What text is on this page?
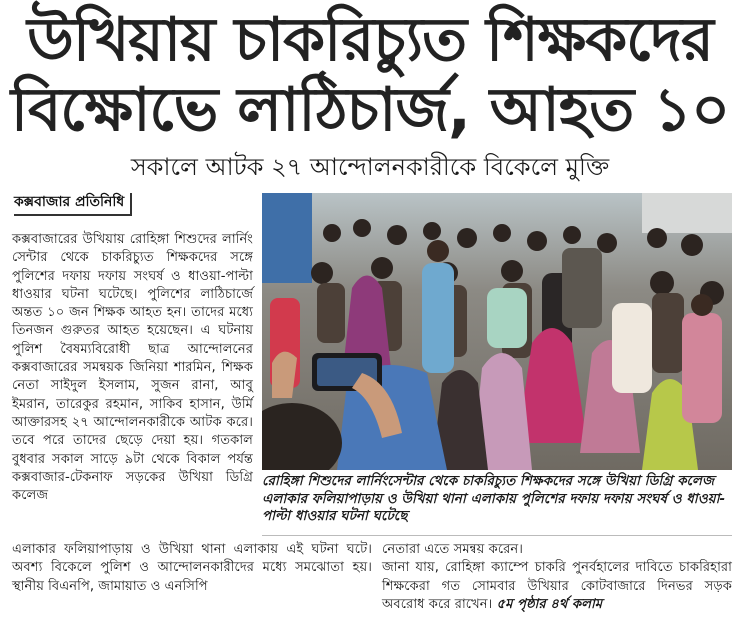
উখিয়ায় চাকরিচ্যুত শিক্ষকদের
বিক্ষোভে লাঠিচার্জ, আহত ১০
সকালে আটক ২৭ আন্দোলনকারীকে বিকেলে মুক্তি
কক্সবাজার প্রতিনিধি
কক্সবাজারের উখিয়ায় রোহিঙ্গা শিশুদের লার্নিং সেন্টার থেকে চাকরিচ্যুত শিক্ষকদের সঙ্গে পুলিশের দফায় দফায় সংঘর্ষ ও ধাওয়া-পাল্টা ধাওয়ার ঘটনা ঘটেছে। পুলিশের লাঠিচার্জে অন্তত ১০ জন শিক্ষক আহত হন। তাদের মধ্যে তিনজন গুরুতর আহত হয়েছেন। এ ঘটনায় পুলিশ বৈষম্যবিরোধী ছাত্র আন্দোলনের কক্সবাজারের সমন্বয়ক জিনিয়া শারমিন, শিক্ষক নেতা সাইদুল ইসলাম, সুজন রানা, আবু ইমরান, তারেকুর রহমান, সাকিব হাসান, উর্মি আক্তারসহ ২৭ আন্দোলনকারীকে আটক করে। তবে পরে তাদের ছেড়ে দেয়া হয়। গতকাল বুধবার সকাল সাড়ে ৯টা থেকে বিকাল পর্যন্ত কক্সবাজার-টেকনাফ সড়কের উখিয়া ডিগ্রি কলেজ
রোহিঙ্গা শিশুদের লার্নিংসেন্টার থেকে চাকরিচ্যুত শিক্ষকদের সঙ্গে উখিয়া ডিগ্রি কলেজ এলাকার ফলিয়াপাড়ায় ও উখিয়া থানা এলাকায় পুলিশের দফায় দফায় সংঘর্ষ ও ধাওয়া-পাল্টা ধাওয়ার ঘটনা ঘটেছে
এলাকার ফলিয়াপাড়ায় ও উখিয়া থানা এলাকায় এই ঘটনা ঘটে। অবশ্য বিকেলে পুলিশ ও আন্দোলনকারীদের মধ্যে সমঝোতা হয়। স্থানীয় বিএনপি, জামায়াত ও এনসিপি
নেতারা এতে সমন্বয় করেন।
জানা যায়, রোহিঙ্গা ক্যাম্পে চাকরি পুনর্বহালের দাবিতে চাকরিহারা শিক্ষকেরা গত সোমবার উখিয়ার কোটবাজারে দিনভর সড়ক অবরোধ করে রাখেন। ৫ম পৃষ্ঠার ৪র্থ কলাম
